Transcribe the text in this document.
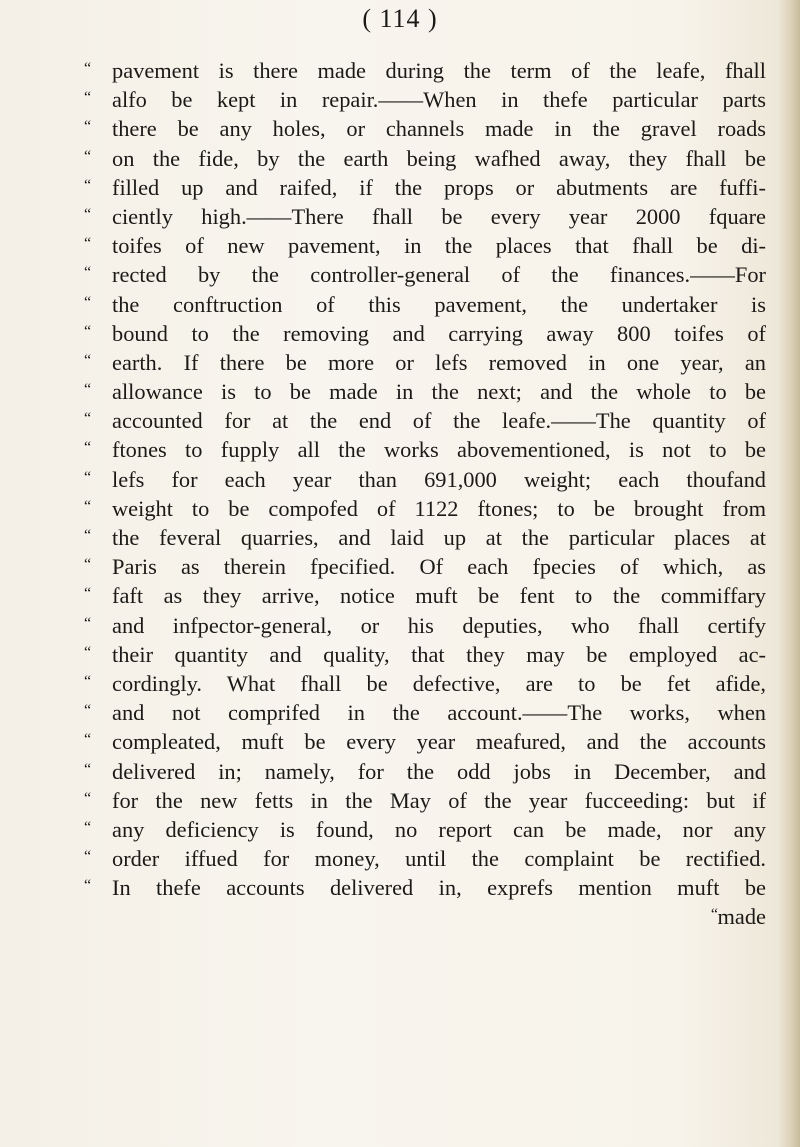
( 114 )
“ pavement is there made during the term of the leafe, fhall
“ alfo be kept in repair.——When in thefe particular parts
“ there be any holes, or channels made in the gravel roads
“ on the fide, by the earth being wafhed away, they fhall be
“ filled up and raifed, if the props or abutments are fuffi-
“ ciently high.——There fhall be every year 2000 fquare
“ toifes of new pavement, in the places that fhall be di-
“ rected by the controller-general of the finances.——For
“ the conftruction of this pavement, the undertaker is
“ bound to the removing and carrying away 800 toifes of
“ earth. If there be more or lefs removed in one year, an
“ allowance is to be made in the next; and the whole to be
“ accounted for at the end of the leafe.——The quantity of
“ ftones to fupply all the works abovementioned, is not to be
“ lefs for each year than 691,000 weight; each thoufand
“ weight to be compofed of 1122 ftones; to be brought from
“ the feveral quarries, and laid up at the particular places at
“ Paris as therein fpecified. Of each fpecies of which, as
“ faft as they arrive, notice muft be fent to the commiffary
“ and infpector-general, or his deputies, who fhall certify
“ their quantity and quality, that they may be employed ac-
“ cordingly. What fhall be defective, are to be fet afide,
“ and not comprifed in the account.——The works, when
“ compleated, muft be every year meafured, and the accounts
“ delivered in; namely, for the odd jobs in December, and
“ for the new fetts in the May of the year fucceeding: but if
“ any deficiency is found, no report can be made, nor any
“ order iffued for money, until the complaint be rectified.
“ In thefe accounts delivered in, exprefs mention muft be
“ made
